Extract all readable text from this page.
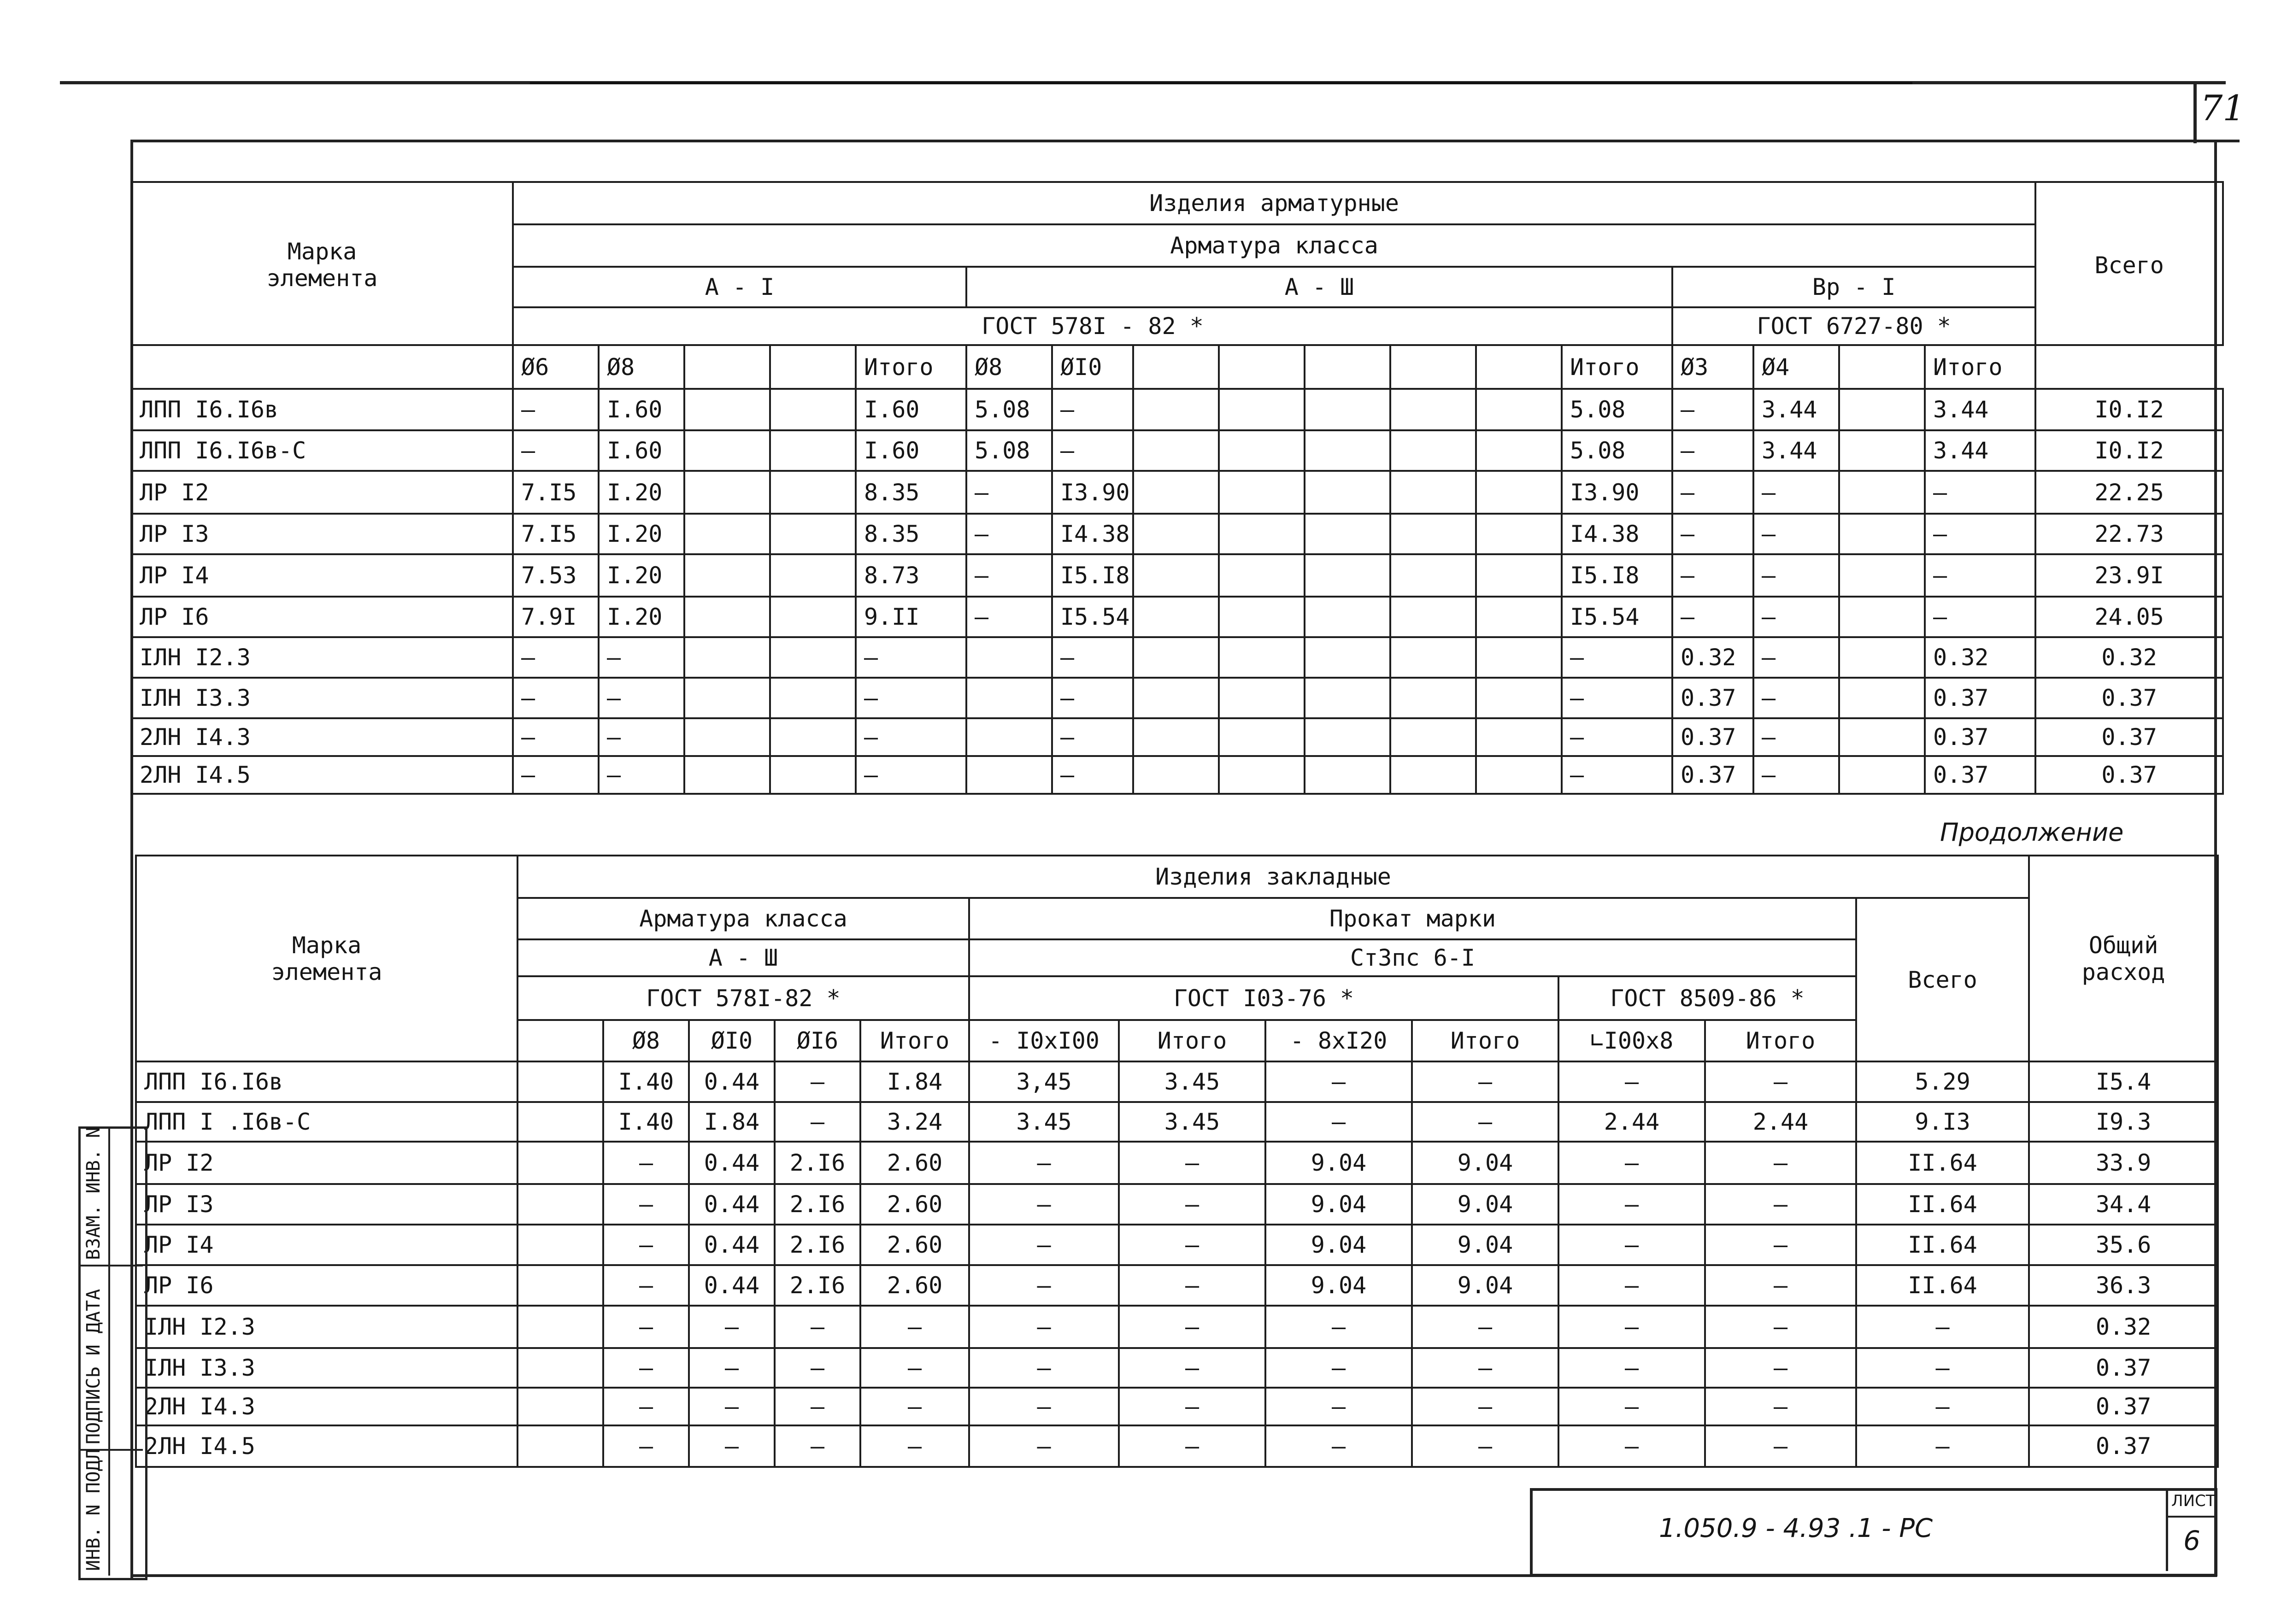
71
Марка
элемента	Изделия арматурные																	
	Арматура класса																	Всего
	А - I					А - Ш								Вр - I				
	ГОСТ 578I - 82 *													ГОСТ 6727-80 *				
	Ø6	Ø8			Итого	Ø8	ØI0						Итого	Ø3	Ø4		Итого	
ЛПП I6.I6в	–	I.60			I.60	5.08	–						5.08	–	3.44		3.44	I0.I2
ЛПП I6.I6в-С	–	I.60			I.60	5.08	–						5.08	–	3.44		3.44	I0.I2
ЛР I2	7.I5	I.20			8.35	–	I3.90						I3.90	–	–		–	22.25
ЛР I3	7.I5	I.20			8.35	–	I4.38						I4.38	–	–		–	22.73
ЛР I4	7.53	I.20			8.73	–	I5.I8						I5.I8	–	–		–	23.9I
ЛР I6	7.9I	I.20			9.II	–	I5.54						I5.54	–	–		–	24.05
IЛН I2.3	–	–			–		–						–	0.32	–		0.32	0.32
IЛН I3.3	–	–			–		–						–	0.37	–		0.37	0.37
2ЛН I4.3	–	–			–		–						–	0.37	–		0.37	0.37
2ЛН I4.5	–	–			–		–						–	0.37	–		0.37	0.37
Продолжение
Марка
элемента	Изделия закладные												Общий
расход
	Арматура класса					Прокат марки						Всего	
	А - Ш					Ст3пс 6-I							
	ГОСТ 578I-82 *					ГОСТ I03-76 *				ГОСТ 8509-86 *			
		Ø8	ØI0	ØI6	Итого	- I0xI00	Итого	- 8xI20	Итого	∟I00x8	Итого		
ЛПП I6.I6в		I.40	0.44	–	I.84	3,45	3.45	–	–	–	–	5.29	I5.4
ЛПП I .I6в-С		I.40	I.84	–	3.24	3.45	3.45	–	–	2.44	2.44	9.I3	I9.3
ЛР I2		–	0.44	2.I6	2.60	–	–	9.04	9.04	–	–	II.64	33.9
ЛР I3		–	0.44	2.I6	2.60	–	–	9.04	9.04	–	–	II.64	34.4
ЛР I4		–	0.44	2.I6	2.60	–	–	9.04	9.04	–	–	II.64	35.6
ЛР I6		–	0.44	2.I6	2.60	–	–	9.04	9.04	–	–	II.64	36.3
IЛН I2.3		–	–	–	–	–	–	–	–	–	–	–	0.32
IЛН I3.3		–	–	–	–	–	–	–	–	–	–	–	0.37
2ЛН I4.3		–	–	–	–	–	–	–	–	–	–	–	0.37
2ЛН I4.5		–	–	–	–	–	–	–	–	–	–	–	0.37
ВЗАМ. ИНВ. N
ПОДПИСЬ И ДАТА
ИНВ. N ПОДЛ	1.050.9 - 4.93 .1 - PC
ЛИСТ
6
